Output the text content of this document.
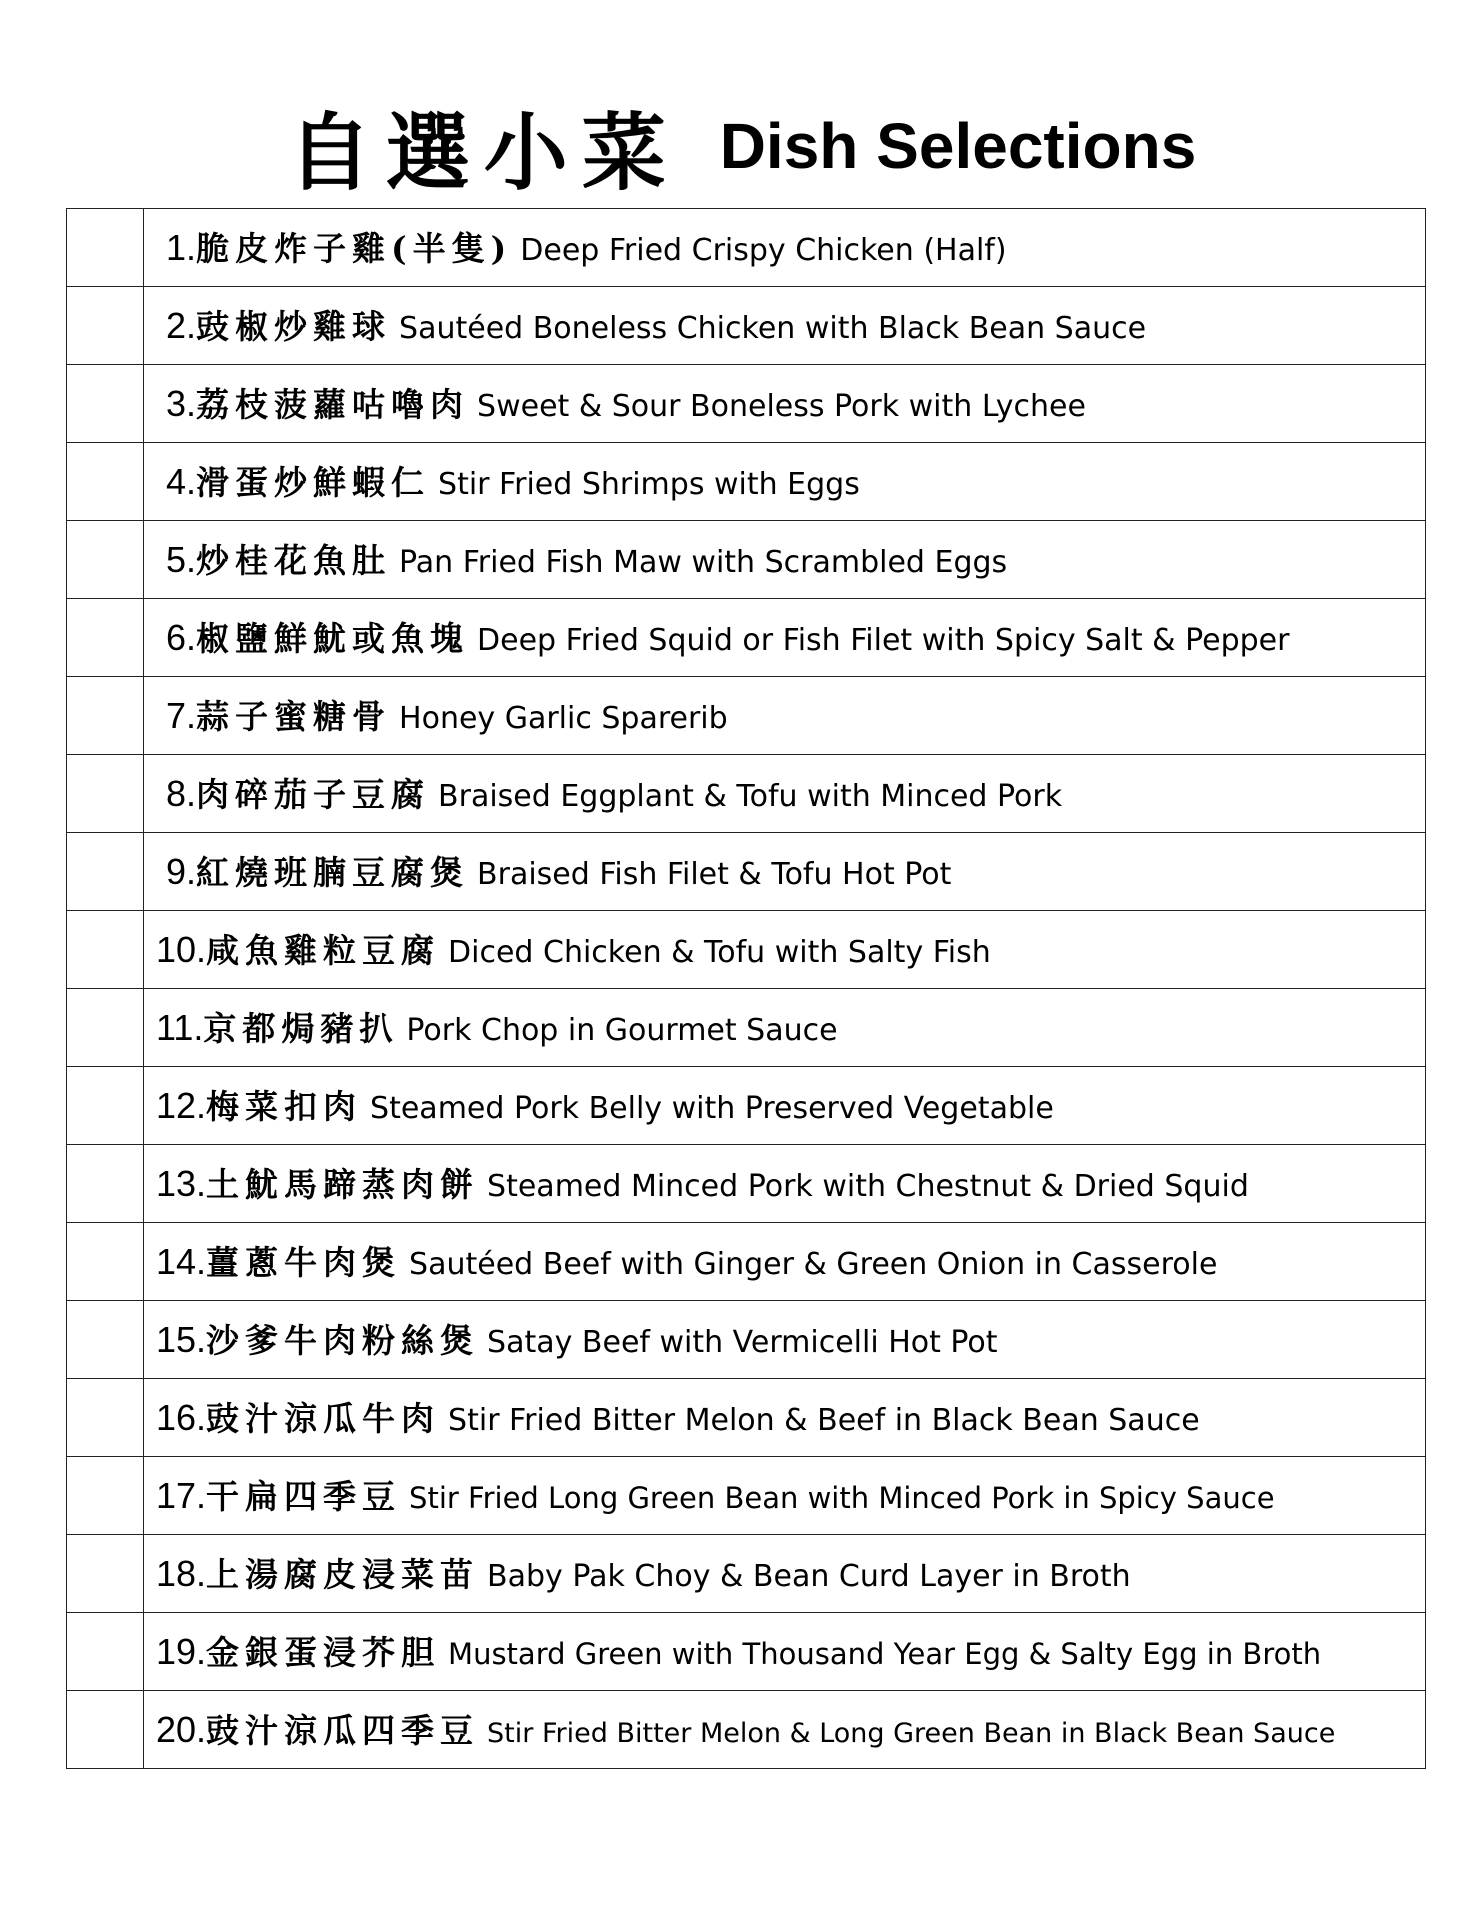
自選小菜 Dish Selections
	1.脆皮炸子雞(半隻) Deep Fried Crispy Chicken (Half)
	2.豉椒炒雞球 Sautéed Boneless Chicken with Black Bean Sauce
	3.荔枝菠蘿咕嚕肉 Sweet & Sour Boneless Pork with Lychee
	4.滑蛋炒鮮蝦仁 Stir Fried Shrimps with Eggs
	5.炒桂花魚肚 Pan Fried Fish Maw with Scrambled Eggs
	6.椒鹽鮮魷或魚塊 Deep Fried Squid or Fish Filet with Spicy Salt & Pepper
	7.蒜子蜜糖骨 Honey Garlic Sparerib
	8.肉碎茄子豆腐 Braised Eggplant & Tofu with Minced Pork
	9.紅燒班腩豆腐煲 Braised Fish Filet & Tofu Hot Pot
	10.咸魚雞粒豆腐 Diced Chicken & Tofu with Salty Fish
	11.京都焗豬扒 Pork Chop in Gourmet Sauce
	12.梅菜扣肉 Steamed Pork Belly with Preserved Vegetable
	13.土魷馬蹄蒸肉餅 Steamed Minced Pork with Chestnut & Dried Squid
	14.薑蔥牛肉煲 Sautéed Beef with Ginger & Green Onion in Casserole
	15.沙爹牛肉粉絲煲 Satay Beef with Vermicelli Hot Pot
	16.豉汁涼瓜牛肉 Stir Fried Bitter Melon & Beef in Black Bean Sauce
	17.干扁四季豆 Stir Fried Long Green Bean with Minced Pork in Spicy Sauce
	18.上湯腐皮浸菜苗 Baby Pak Choy & Bean Curd Layer in Broth
	19.金銀蛋浸芥胆 Mustard Green with Thousand Year Egg & Salty Egg in Broth
	20.豉汁涼瓜四季豆 Stir Fried Bitter Melon & Long Green Bean in Black Bean Sauce
